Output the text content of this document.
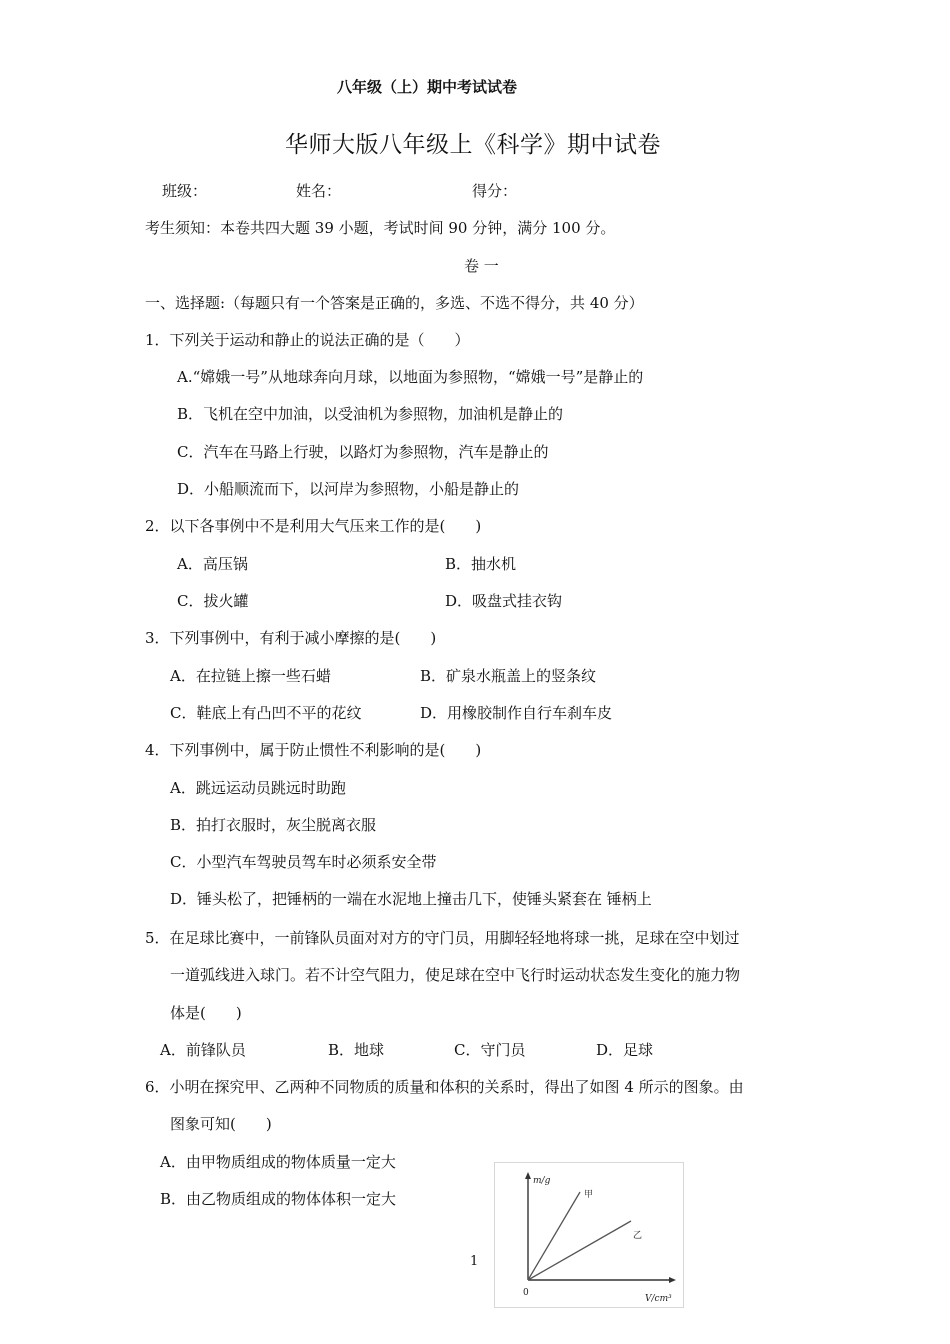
八年级（上）期中考试试卷
华师大版八年级上《科学》期中试卷
班级：	姓名：	得分：
考生须知：本卷共四大题 39 小题，考试时间 90 分钟，满分 100 分。
卷 一
一、选择题:（每题只有一个答案是正确的，多选、不选不得分，共 40 分）
1．下列关于运动和静止的说法正确的是（　　）
A.“嫦娥一号”从地球奔向月球，以地面为参照物，“嫦娥一号”是静止的
B．飞机在空中加油，以受油机为参照物，加油机是静止的
C．汽车在马路上行驶，以路灯为参照物，汽车是静止的
D．小船顺流而下，以河岸为参照物，小船是静止的
2．以下各事例中不是利用大气压来工作的是(　　)
A．高压锅	B．抽水机
C．拔火罐	D．吸盘式挂衣钩
3．下列事例中，有利于减小摩擦的是(　　)
A．在拉链上擦一些石蜡	B．矿泉水瓶盖上的竖条纹
C．鞋底上有凸凹不平的花纹	D．用橡胶制作自行车刹车皮
4．下列事例中，属于防止惯性不利影响的是(　　)
A．跳远运动员跳远时助跑
B．拍打衣服时，灰尘脱离衣服
C．小型汽车驾驶员驾车时必须系安全带
D．锤头松了，把锤柄的一端在水泥地上撞击几下，使锤头紧套在 锤柄上
5．在足球比赛中，一前锋队员面对对方的守门员，用脚轻轻地将球一挑，足球在空中划过
一道弧线进入球门。若不计空气阻力，使足球在空中飞行时运动状态发生变化的施力物
体是(　　)
A．前锋队员	B．地球	C．守门员	D．足球
6．小明在探究甲、乙两种不同物质的质量和体积的关系时，得出了如图 4 所示的图象。由
图象可知(　　)
A．由甲物质组成的物体质量一定大
B．由乙物质组成的物体体积一定大
m/g
V/cm³
0
甲
乙
1
